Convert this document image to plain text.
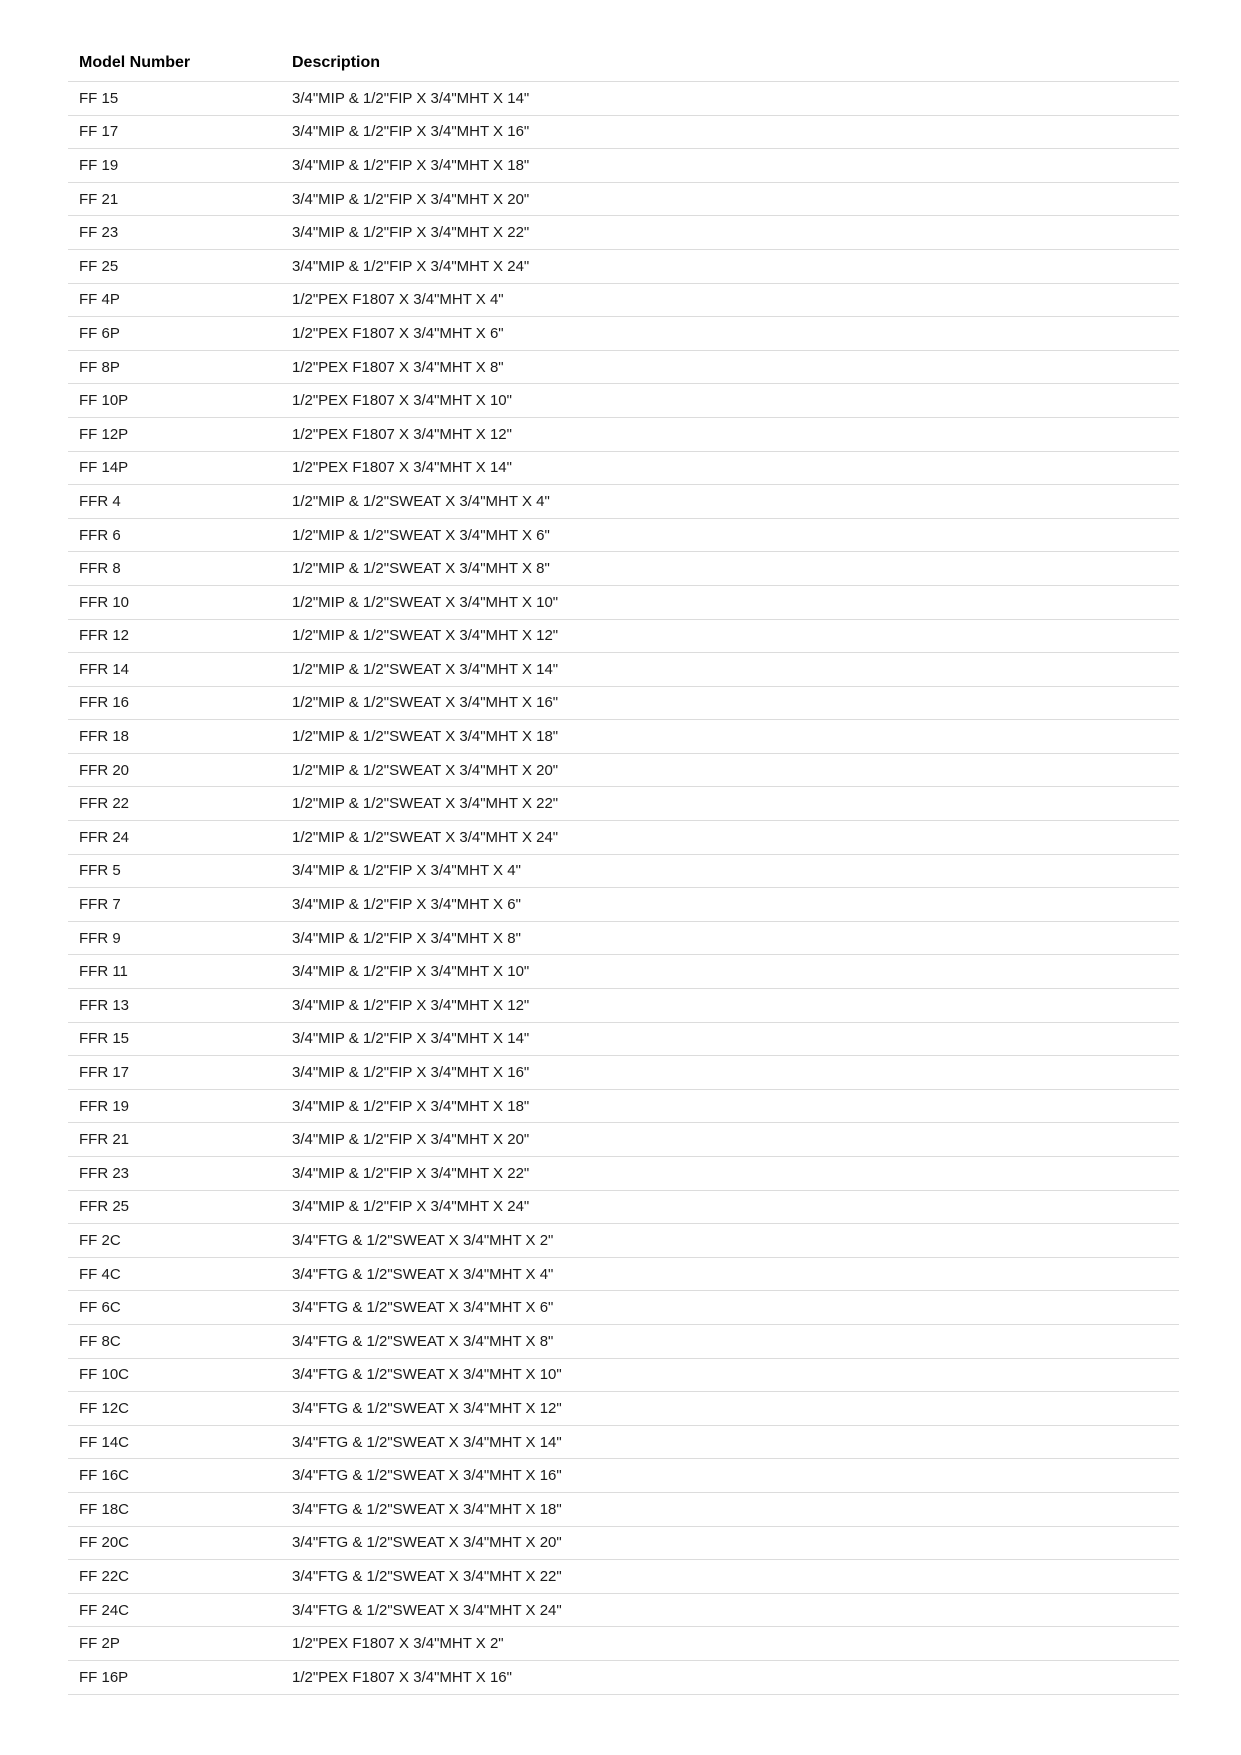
Model Number	Description
FF 15	3/4"MIP & 1/2"FIP X 3/4"MHT X 14"
FF 17	3/4"MIP & 1/2"FIP X 3/4"MHT X 16"
FF 19	3/4"MIP & 1/2"FIP X 3/4"MHT X 18"
FF 21	3/4"MIP & 1/2"FIP X 3/4"MHT X 20"
FF 23	3/4"MIP & 1/2"FIP X 3/4"MHT X 22"
FF 25	3/4"MIP & 1/2"FIP X 3/4"MHT X 24"
FF 4P	1/2"PEX F1807 X 3/4"MHT X 4"
FF 6P	1/2"PEX F1807 X 3/4"MHT X 6"
FF 8P	1/2"PEX F1807 X 3/4"MHT X 8"
FF 10P	1/2"PEX F1807 X 3/4"MHT X 10"
FF 12P	1/2"PEX F1807 X 3/4"MHT X 12"
FF 14P	1/2"PEX F1807 X 3/4"MHT X 14"
FFR 4	1/2"MIP & 1/2"SWEAT X 3/4"MHT X 4"
FFR 6	1/2"MIP & 1/2"SWEAT X 3/4"MHT X 6"
FFR 8	1/2"MIP & 1/2"SWEAT X 3/4"MHT X 8"
FFR 10	1/2"MIP & 1/2"SWEAT X 3/4"MHT X 10"
FFR 12	1/2"MIP & 1/2"SWEAT X 3/4"MHT X 12"
FFR 14	1/2"MIP & 1/2"SWEAT X 3/4"MHT X 14"
FFR 16	1/2"MIP & 1/2"SWEAT X 3/4"MHT X 16"
FFR 18	1/2"MIP & 1/2"SWEAT X 3/4"MHT X 18"
FFR 20	1/2"MIP & 1/2"SWEAT X 3/4"MHT X 20"
FFR 22	1/2"MIP & 1/2"SWEAT X 3/4"MHT X 22"
FFR 24	1/2"MIP & 1/2"SWEAT X 3/4"MHT X 24"
FFR 5	3/4"MIP & 1/2"FIP X 3/4"MHT X 4"
FFR 7	3/4"MIP & 1/2"FIP X 3/4"MHT X 6"
FFR 9	3/4"MIP & 1/2"FIP X 3/4"MHT X 8"
FFR 11	3/4"MIP & 1/2"FIP X 3/4"MHT X 10"
FFR 13	3/4"MIP & 1/2"FIP X 3/4"MHT X 12"
FFR 15	3/4"MIP & 1/2"FIP X 3/4"MHT X 14"
FFR 17	3/4"MIP & 1/2"FIP X 3/4"MHT X 16"
FFR 19	3/4"MIP & 1/2"FIP X 3/4"MHT X 18"
FFR 21	3/4"MIP & 1/2"FIP X 3/4"MHT X 20"
FFR 23	3/4"MIP & 1/2"FIP X 3/4"MHT X 22"
FFR 25	3/4"MIP & 1/2"FIP X 3/4"MHT X 24"
FF 2C	3/4"FTG & 1/2"SWEAT X 3/4"MHT X 2"
FF 4C	3/4"FTG & 1/2"SWEAT X 3/4"MHT X 4"
FF 6C	3/4"FTG & 1/2"SWEAT X 3/4"MHT X 6"
FF 8C	3/4"FTG & 1/2"SWEAT X 3/4"MHT X 8"
FF 10C	3/4"FTG & 1/2"SWEAT X 3/4"MHT X 10"
FF 12C	3/4"FTG & 1/2"SWEAT X 3/4"MHT X 12"
FF 14C	3/4"FTG & 1/2"SWEAT X 3/4"MHT X 14"
FF 16C	3/4"FTG & 1/2"SWEAT X 3/4"MHT X 16"
FF 18C	3/4"FTG & 1/2"SWEAT X 3/4"MHT X 18"
FF 20C	3/4"FTG & 1/2"SWEAT X 3/4"MHT X 20"
FF 22C	3/4"FTG & 1/2"SWEAT X 3/4"MHT X 22"
FF 24C	3/4"FTG & 1/2"SWEAT X 3/4"MHT X 24"
FF 2P	1/2"PEX F1807 X 3/4"MHT X 2"
FF 16P	1/2"PEX F1807 X 3/4"MHT X 16"
